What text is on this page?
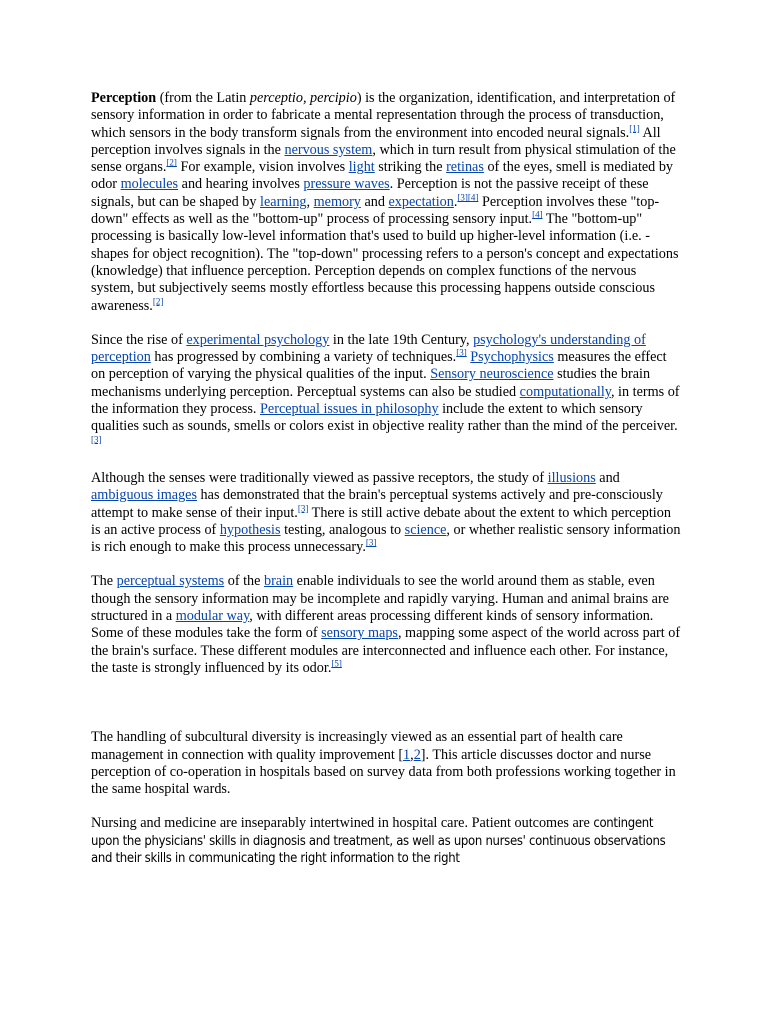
Perception (from the Latin perceptio, percipio) is the organization, identification, and interpretation of sensory information in order to fabricate a mental representation through the process of transduction, which sensors in the body transform signals from the environment into encoded neural signals.[1] All perception involves signals in the nervous system, which in turn result from physical stimulation of the sense organs.[2] For example, vision involves light striking the retinas of the eyes, smell is mediated by odor molecules and hearing involves pressure waves. Perception is not the passive receipt of these signals, but can be shaped by learning, memory and expectation.[3][4] Perception involves these "top-down" effects as well as the "bottom-up" process of processing sensory input.[4] The "bottom-up" processing is basically low-level information that's used to build up higher-level information (i.e. - shapes for object recognition). The "top-down" processing refers to a person's concept and expectations (knowledge) that influence perception. Perception depends on complex functions of the nervous system, but subjectively seems mostly effortless because this processing happens outside conscious awareness.[2]

Since the rise of experimental psychology in the late 19th Century, psychology's understanding of perception has progressed by combining a variety of techniques.[3] Psychophysics measures the effect on perception of varying the physical qualities of the input. Sensory neuroscience studies the brain mechanisms underlying perception. Perceptual systems can also be studied computationally, in terms of the information they process. Perceptual issues in philosophy include the extent to which sensory qualities such as sounds, smells or colors exist in objective reality rather than the mind of the perceiver.[3]

Although the senses were traditionally viewed as passive receptors, the study of illusions and ambiguous images has demonstrated that the brain's perceptual systems actively and pre-consciously attempt to make sense of their input.[3] There is still active debate about the extent to which perception is an active process of hypothesis testing, analogous to science, or whether realistic sensory information is rich enough to make this process unnecessary.[3]

The perceptual systems of the brain enable individuals to see the world around them as stable, even though the sensory information may be incomplete and rapidly varying. Human and animal brains are structured in a modular way, with different areas processing different kinds of sensory information. Some of these modules take the form of sensory maps, mapping some aspect of the world across part of the brain's surface. These different modules are interconnected and influence each other. For instance, the taste is strongly influenced by its odor.[5]

The handling of subcultural diversity is increasingly viewed as an essential part of health care management in connection with quality improvement [1,2]. This article discusses doctor and nurse perception of co-operation in hospitals based on survey data from both professions working together in the same hospital wards.

Nursing and medicine are inseparably intertwined in hospital care. Patient outcomes are contingent upon the physicians' skills in diagnosis and treatment, as well as upon nurses' continuous observations and their skills in communicating the right information to the right
